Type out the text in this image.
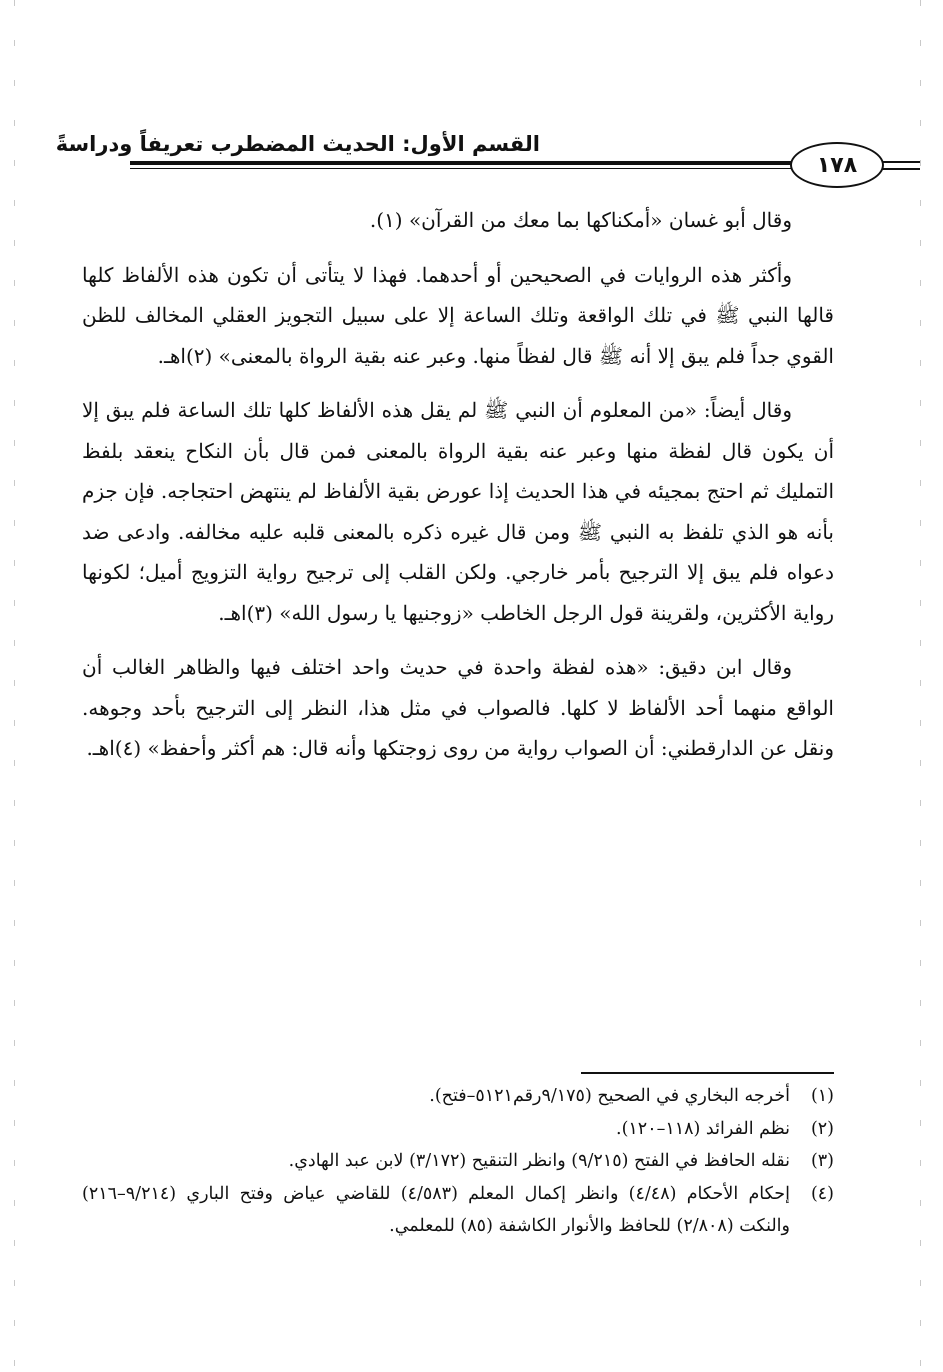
القسم الأول: الحديث المضطرب تعريفاً ودراسةً
١٧٨

وقال أبو غسان «أمكناكها بما معك من القرآن» (١).

وأكثر هذه الروايات في الصحيحين أو أحدهما. فهذا لا يتأتى أن تكون هذه الألفاظ كلها قالها النبي ﷺ في تلك الواقعة وتلك الساعة إلا على سبيل التجويز العقلي المخالف للظن القوي جداً فلم يبق إلا أنه ﷺ قال لفظاً منها. وعبر عنه بقية الرواة بالمعنى» (٢)اهـ.

وقال أيضاً: «من المعلوم أن النبي ﷺ لم يقل هذه الألفاظ كلها تلك الساعة فلم يبق إلا أن يكون قال لفظة منها وعبر عنه بقية الرواة بالمعنى فمن قال بأن النكاح ينعقد بلفظ التمليك ثم احتج بمجيئه في هذا الحديث إذا عورض بقية الألفاظ لم ينتهض احتجاجه. فإن جزم بأنه هو الذي تلفظ به النبي ﷺ ومن قال غيره ذكره بالمعنى قلبه عليه مخالفه. وادعى ضد دعواه فلم يبق إلا الترجيح بأمر خارجي. ولكن القلب إلى ترجيح رواية التزويج أميل؛ لكونها رواية الأكثرين، ولقرينة قول الرجل الخاطب «زوجنيها يا رسول الله» (٣)اهـ.

وقال ابن دقيق: «هذه لفظة واحدة في حديث واحد اختلف فيها والظاهر الغالب أن الواقع منهما أحد الألفاظ لا كلها. فالصواب في مثل هذا، النظر إلى الترجيح بأحد وجوهه. ونقل عن الدارقطني: أن الصواب رواية من روى زوجتكها وأنه قال: هم أكثر وأحفظ» (٤)اهـ.

(١)
أخرجه البخاري في الصحيح (٩/١٧٥رقم٥١٢١–فتح).
(٢)
نظم الفرائد (١١٨–١٢٠).
(٣)
نقله الحافظ في الفتح (٩/٢١٥) وانظر التنقيح (٣/١٧٢) لابن عبد الهادي.
(٤)
إحكام الأحكام (٤/٤٨) وانظر إكمال المعلم (٤/٥٨٣) للقاضي عياض وفتح الباري (٩/٢١٤–٢١٦) والنكت (٢/٨٠٨) للحافظ والأنوار الكاشفة (٨٥) للمعلمي.
